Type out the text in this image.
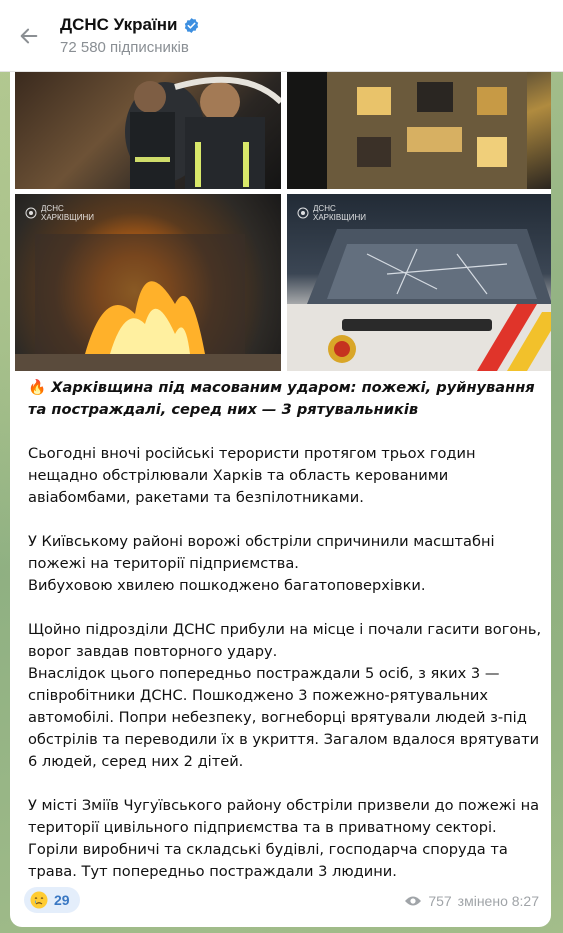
ДСНС України
72 580 підписників
ДСНС
ХАРКІВЩИНИ
ДСНС
ХАРКІВЩИНИ
🔥 Харківщина під масованим ударом: пожежі, руйнування та постраждалі, серед них — 3 рятувальників

Сьогодні вночі російські терористи протягом трьох годин нещадно обстрілювали Харків та область керованими авіабомбами, ракетами та безпілотниками.

У Київському районі ворожі обстріли спричинили масштабні пожежі на території підприємства.

Вибуховою хвилею пошкоджено багатоповерхівки.

Щойно підрозділи ДСНС прибули на місце і почали гасити вогонь, ворог завдав повторного удару.

Внаслідок цього попередньо постраждали 5 осіб, з яких 3 — співробітники ДСНС. Пошкоджено 3 пожежно-рятувальних автомобілі. Попри небезпеку, вогнеборці врятували людей з-під обстрілів та переводили їх в укриття. Загалом вдалося врятувати 6 людей, серед них 2 дітей.

У місті Зміїв Чугуївського району обстріли призвели до пожежі на території цивільного підприємства та в приватному секторі. Горіли виробничі та складські будівлі, господарча споруда та трава. Тут попередньо постраждали 3 людини.

29	757 змінено 8:27
